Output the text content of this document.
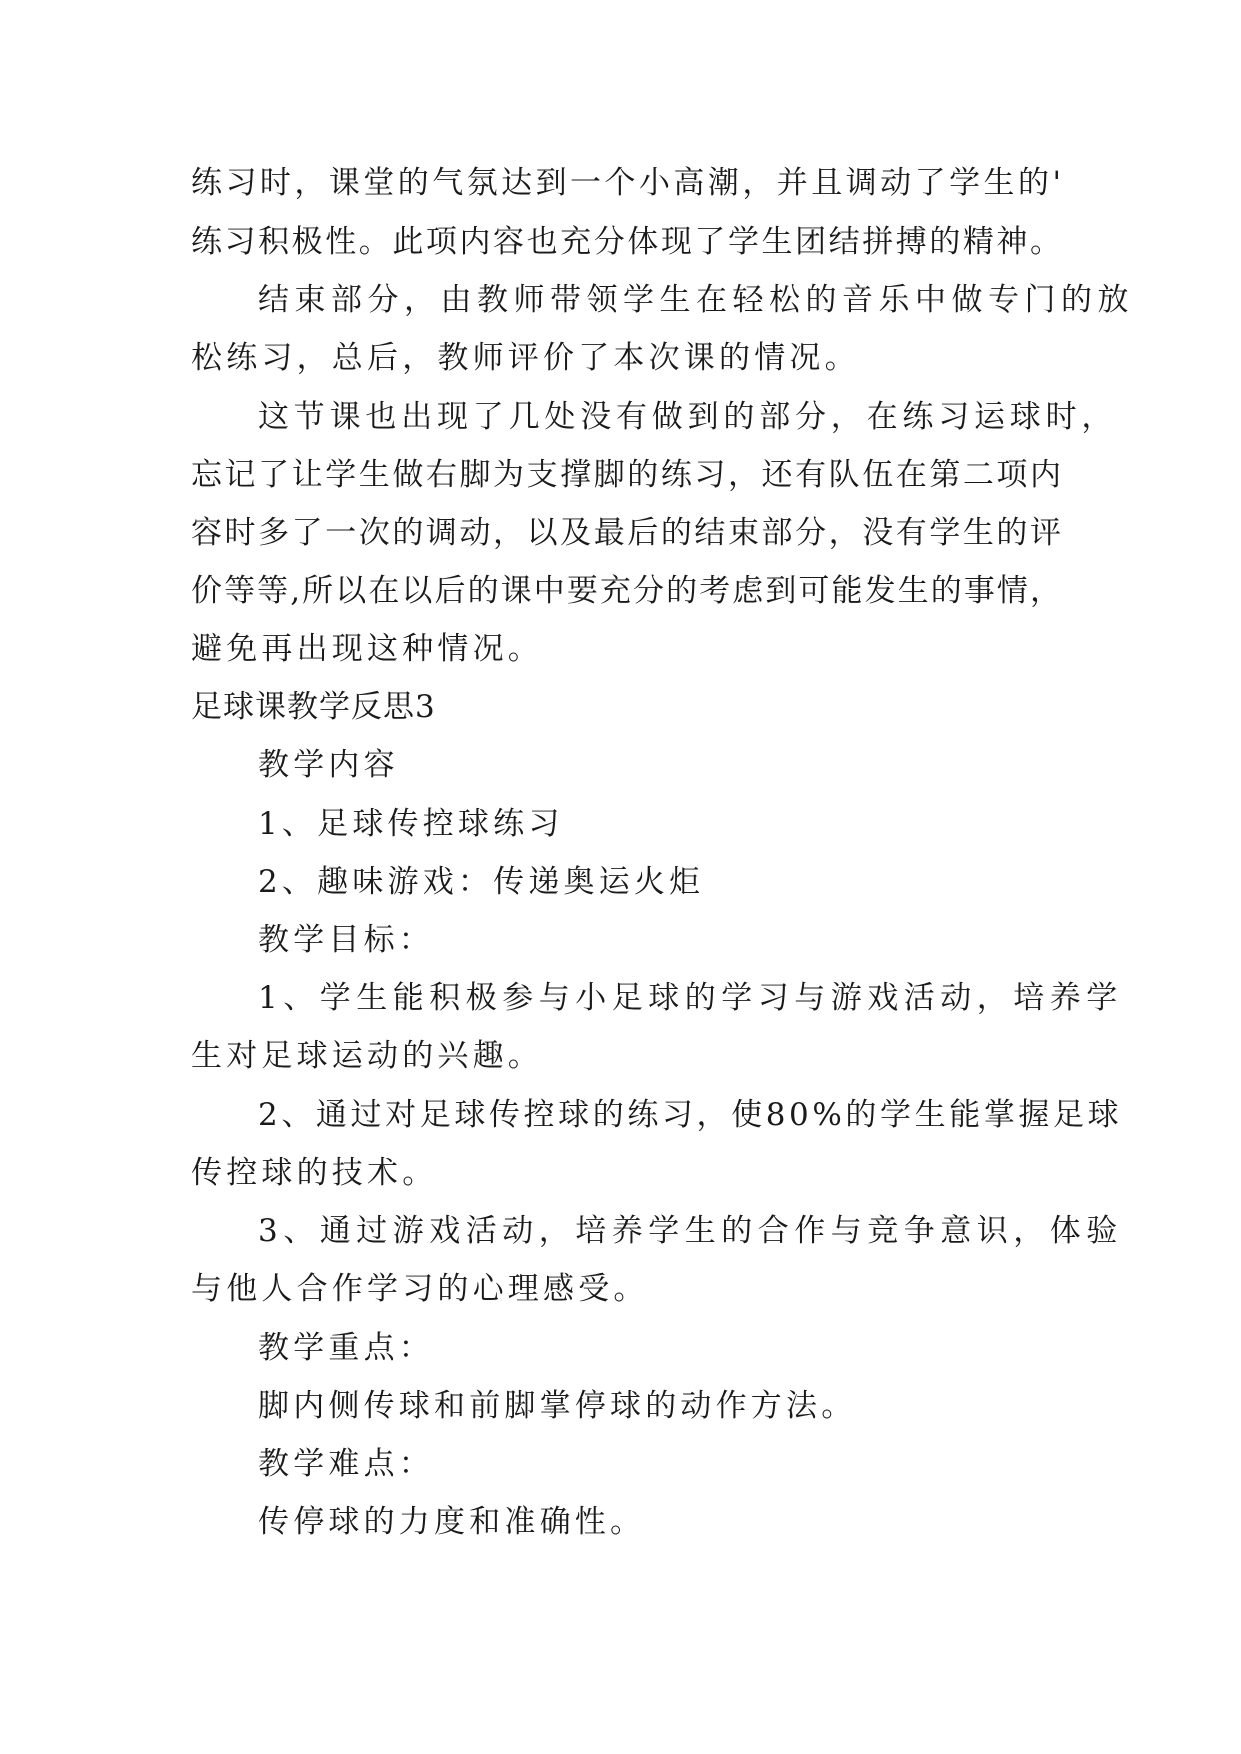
练习时，课堂的气氛达到一个小高潮，并且调动了学生的'
练习积极性。此项内容也充分体现了学生团结拼搏的精神。
结束部分，由教师带领学生在轻松的音乐中做专门的放
松练习，总后，教师评价了本次课的情况。
这节课也出现了几处没有做到的部分，在练习运球时，
忘记了让学生做右脚为支撑脚的练习，还有队伍在第二项内
容时多了一次的调动，以及最后的结束部分，没有学生的评
价等等,所以在以后的课中要充分的考虑到可能发生的事情，
避免再出现这种情况。
足球课教学反思3
教学内容
1、足球传控球练习
2、趣味游戏：传递奥运火炬
教学目标：
1、学生能积极参与小足球的学习与游戏活动，培养学
生对足球运动的兴趣。
2、通过对足球传控球的练习，使80%的学生能掌握足球
传控球的技术。
3、通过游戏活动，培养学生的合作与竞争意识，体验
与他人合作学习的心理感受。
教学重点：
脚内侧传球和前脚掌停球的动作方法。
教学难点：
传停球的力度和准确性。
